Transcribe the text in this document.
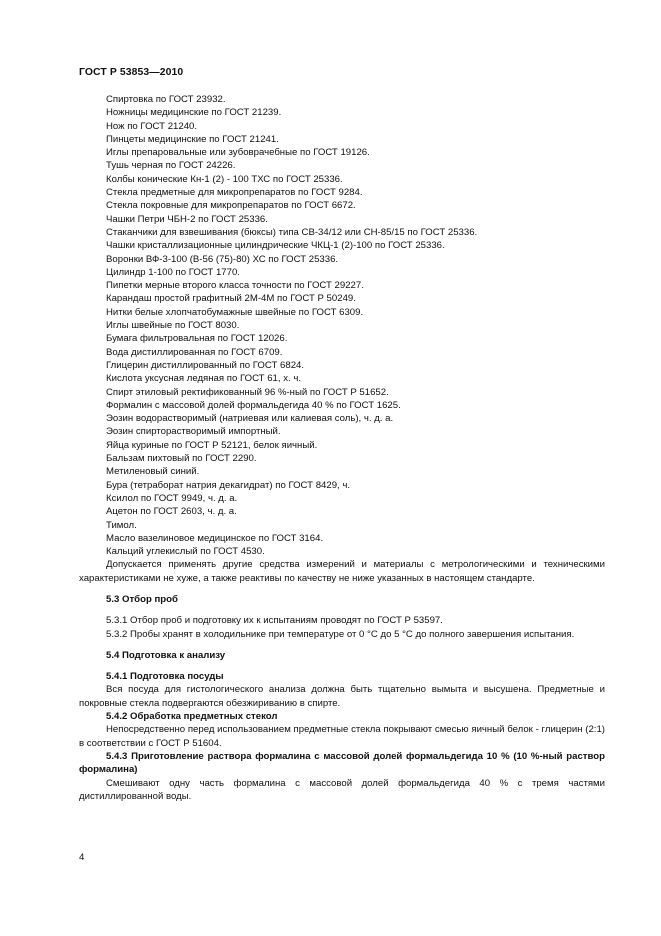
ГОСТ Р 53853—2010
Спиртовка по ГОСТ 23932.
Ножницы медицинские по ГОСТ 21239.
Нож по ГОСТ 21240.
Пинцеты медицинские по ГОСТ 21241.
Иглы препаровальные или зубоврачебные по ГОСТ 19126.
Тушь черная по ГОСТ 24226.
Колбы конические Кн-1 (2) - 100 ТХС по ГОСТ 25336.
Стекла предметные для микропрепаратов по ГОСТ 9284.
Стекла покровные для микропрепаратов по ГОСТ 6672.
Чашки Петри ЧБН-2 по ГОСТ 25336.
Стаканчики для взвешивания (бюксы) типа СВ-34/12 или СН-85/15 по ГОСТ 25336.
Чашки кристаллизационные цилиндрические ЧКЦ-1 (2)-100 по ГОСТ 25336.
Воронки ВФ-3-100 (В-56 (75)-80) ХС по ГОСТ 25336.
Цилиндр 1-100 по ГОСТ 1770.
Пипетки мерные второго класса точности по ГОСТ 29227.
Карандаш простой графитный 2М-4М по ГОСТ Р 50249.
Нитки белые хлопчатобумажные швейные по ГОСТ 6309.
Иглы швейные по ГОСТ 8030.
Бумага фильтровальная по ГОСТ 12026.
Вода дистиллированная по ГОСТ 6709.
Глицерин дистиллированный по ГОСТ 6824.
Кислота уксусная ледяная по ГОСТ 61, х. ч.
Спирт этиловый ректификованный 96 %-ный по ГОСТ Р 51652.
Формалин с массовой долей формальдегида 40 % по ГОСТ 1625.
Эозин водорастворимый (натриевая или калиевая соль), ч. д. а.
Эозин спирторастворимый импортный.
Яйца куриные по ГОСТ Р 52121, белок яичный.
Бальзам пихтовый по ГОСТ 2290.
Метиленовый синий.
Бура (тетраборат натрия декагидрат) по ГОСТ 8429, ч.
Ксилол по ГОСТ 9949, ч. д. а.
Ацетон по ГОСТ 2603, ч. д. а.
Тимол.
Масло вазелиновое медицинское по ГОСТ 3164.
Кальций углекислый по ГОСТ 4530.

Допускается применять другие средства измерений и материалы с метрологическими и техническими характеристиками не хуже, а также реактивы по качеству не ниже указанных в настоящем стандарте.

5.3 Отбор проб

5.3.1 Отбор проб и подготовку их к испытаниям проводят по ГОСТ Р 53597.

5.3.2 Пробы хранят в холодильнике при температуре от 0 °С до 5 °С до полного завершения испытания.

5.4 Подготовка к анализу
5.4.1 Подготовка посуды

Вся посуда для гистологического анализа должна быть тщательно вымыта и высушена. Предметные и покровные стекла подвергаются обезжириванию в спирте.

5.4.2 Обработка предметных стекол

Непосредственно перед использованием предметные стекла покрывают смесью яичный белок - глицерин (2:1) в соответствии с ГОСТ Р 51604.

5.4.3 Приготовление раствора формалина с массовой долей формальдегида 10 % (10 %-ный раствор формалина)

Смешивают одну часть формалина с массовой долей формальдегида 40 % с тремя частями дистиллированной воды.

4
